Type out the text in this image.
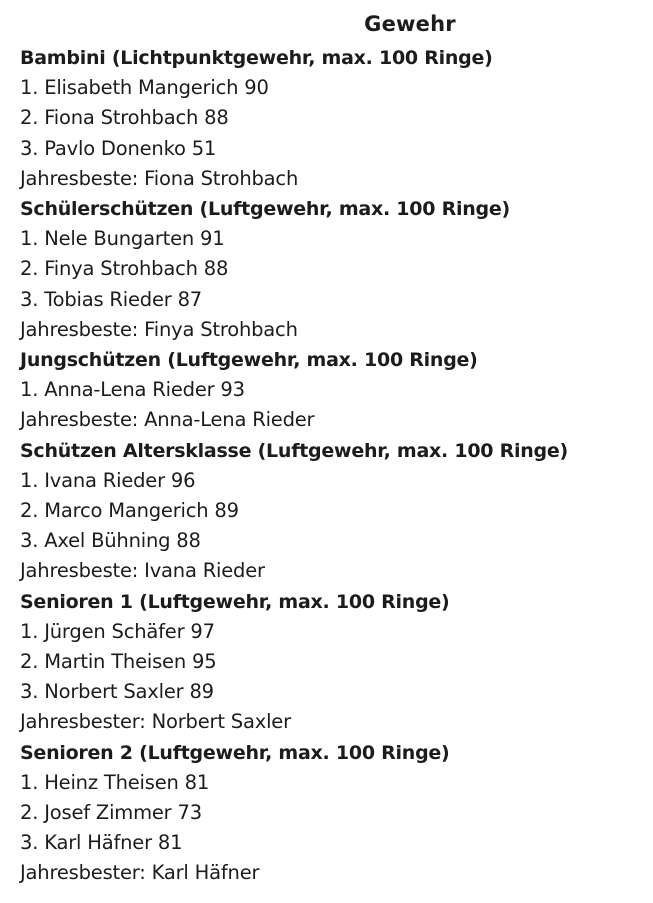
Gewehr
Bambini (Lichtpunktgewehr, max. 100 Ringe)
1. Elisabeth Mangerich 90
2. Fiona Strohbach 88
3. Pavlo Donenko 51
Jahresbeste: Fiona Strohbach
Schülerschützen (Luftgewehr, max. 100 Ringe)
1. Nele Bungarten 91
2. Finya Strohbach 88
3. Tobias Rieder 87
Jahresbeste: Finya Strohbach
Jungschützen (Luftgewehr, max. 100 Ringe)
1. Anna-Lena Rieder 93
Jahresbeste: Anna-Lena Rieder
Schützen Altersklasse (Luftgewehr, max. 100 Ringe)
1. Ivana Rieder 96
2. Marco Mangerich 89
3. Axel Bühning 88
Jahresbeste: Ivana Rieder
Senioren 1 (Luftgewehr, max. 100 Ringe)
1. Jürgen Schäfer 97
2. Martin Theisen 95
3. Norbert Saxler 89
Jahresbester: Norbert Saxler
Senioren 2 (Luftgewehr, max. 100 Ringe)
1. Heinz Theisen 81
2. Josef Zimmer 73
3. Karl Häfner 81
Jahresbester: Karl Häfner
